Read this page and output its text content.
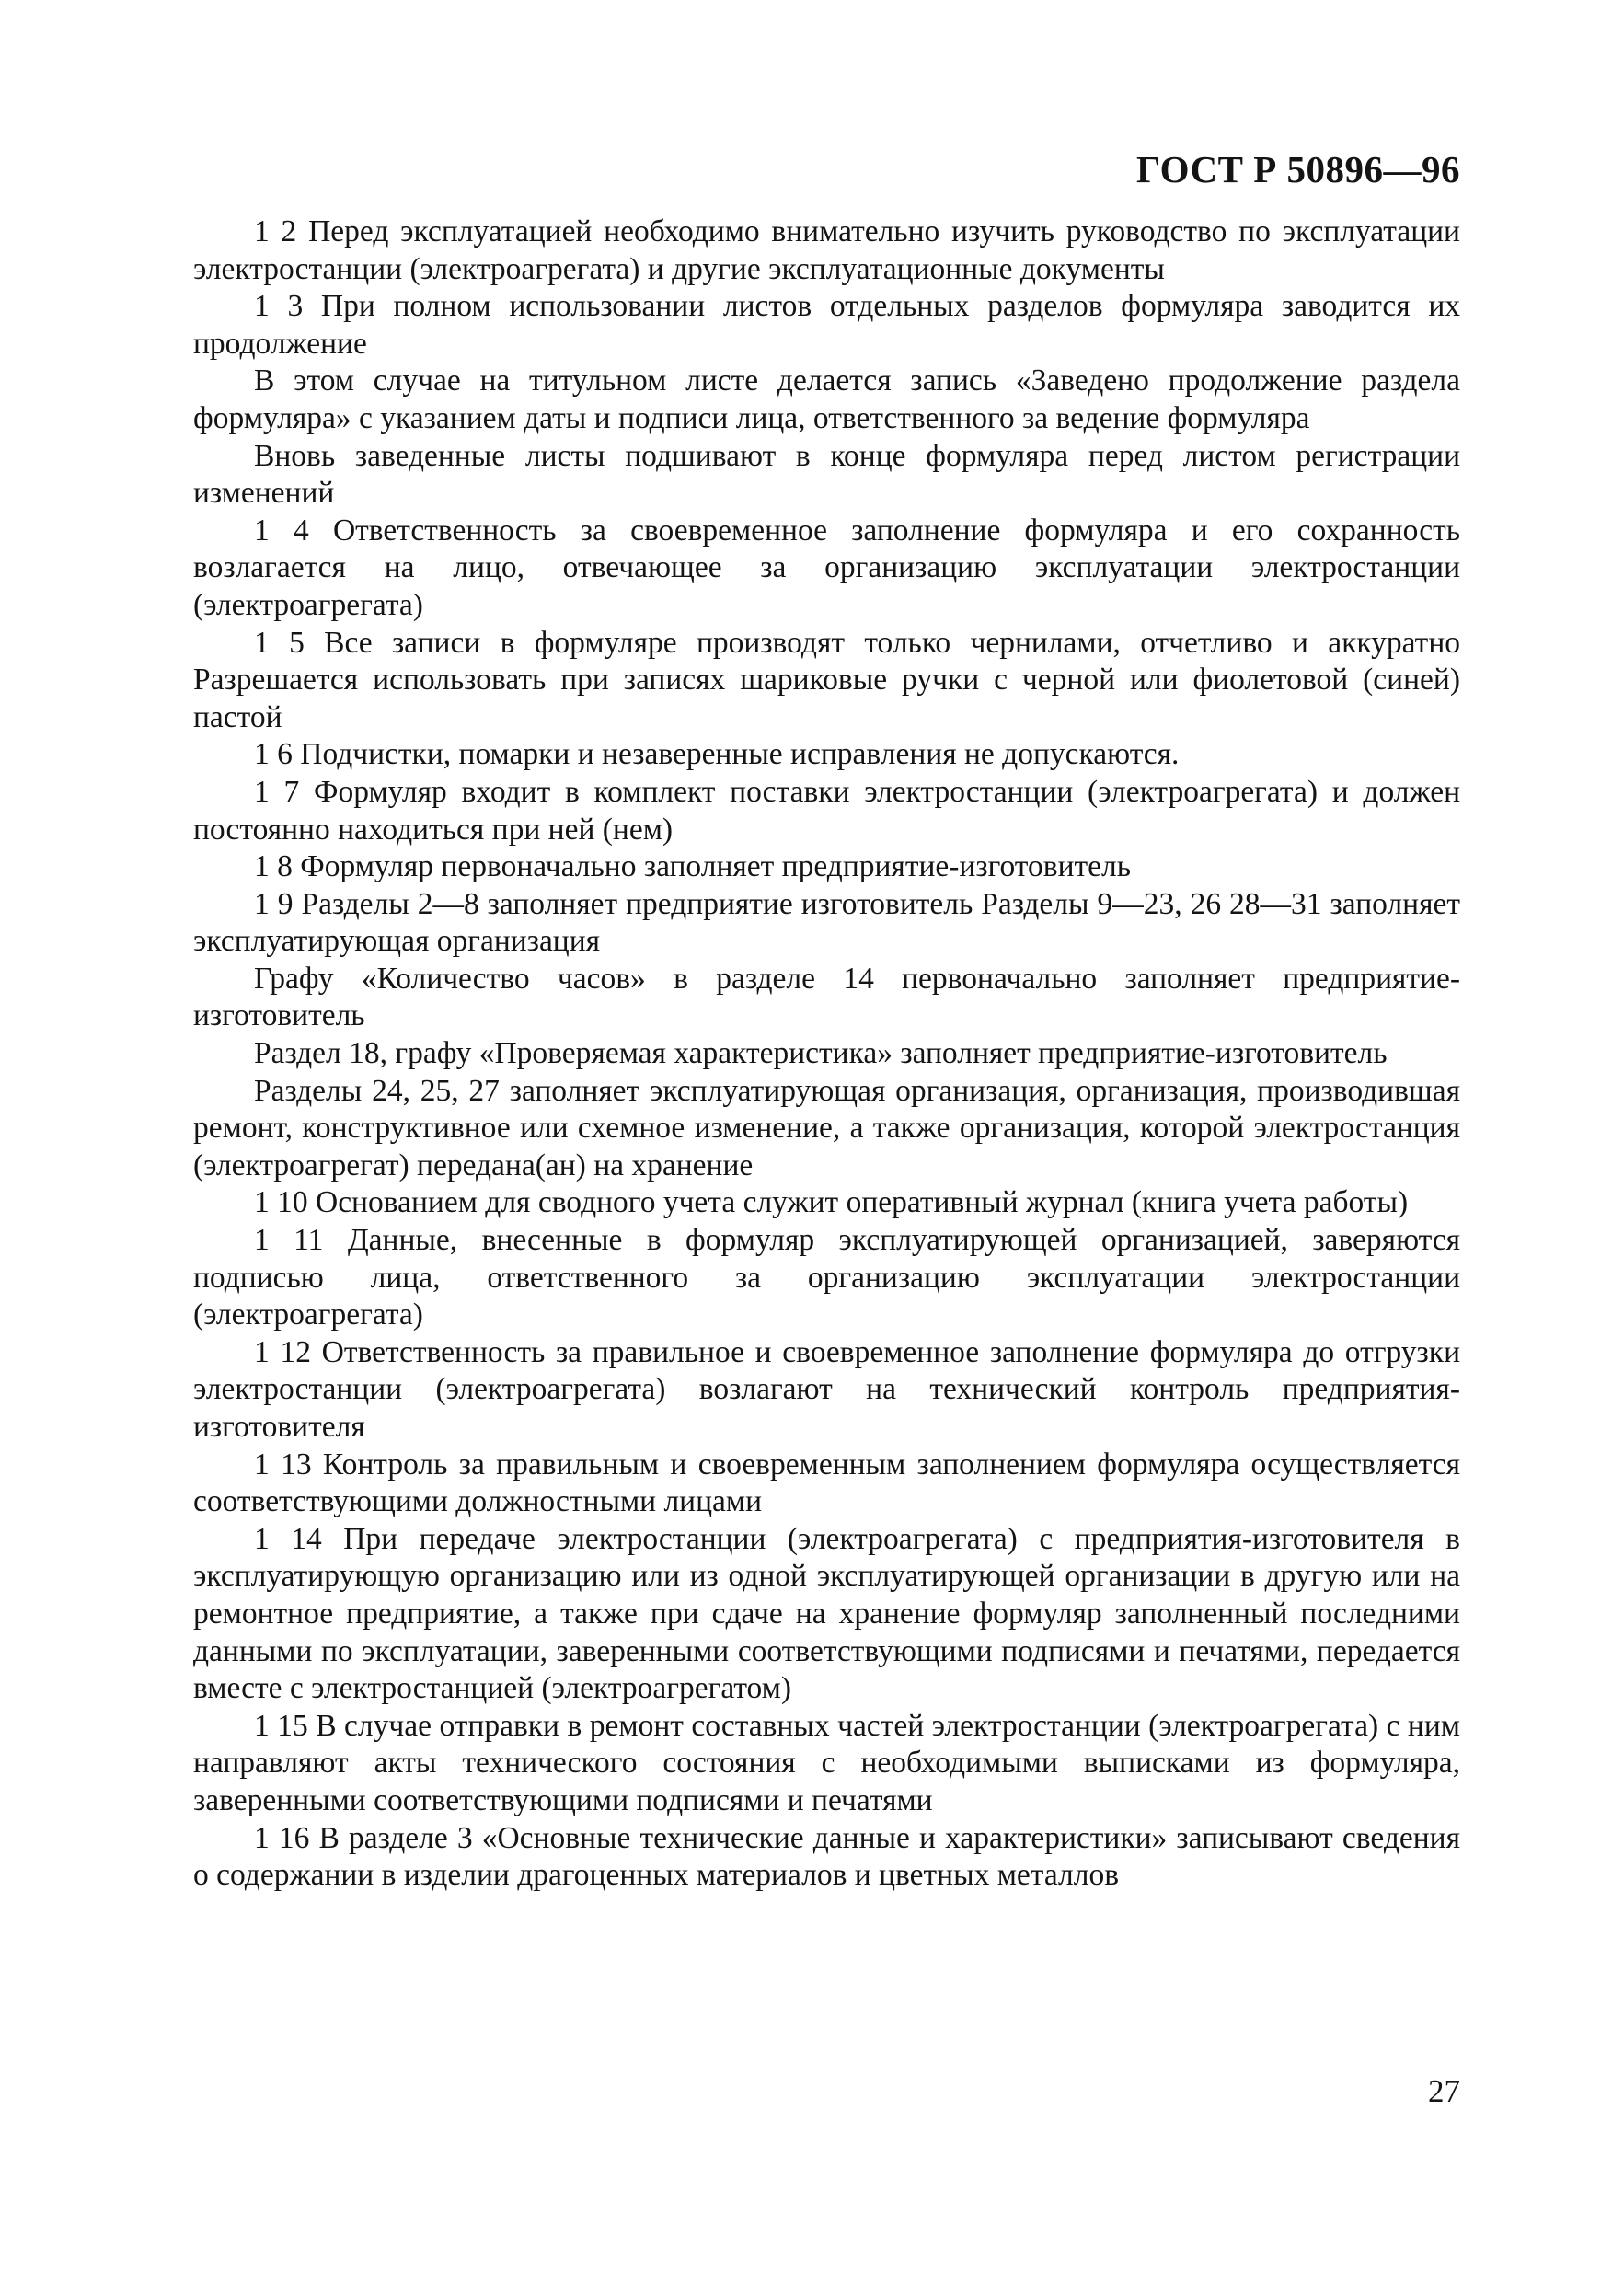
ГОСТ Р 50896—96

1 2 Перед эксплуатацией необходимо внимательно изучить руководство по эксплуатации электростанции (электроагрегата) и другие эксплуатационные документы

1 3 При полном использовании листов отдельных разделов формуляра заводится их продолжение

В этом случае на титульном листе делается запись «Заведено продолжение раздела формуляра» с указанием даты и подписи лица, ответственного за ведение формуляра

Вновь заведенные листы подшивают в конце формуляра перед листом регистрации изменений

1 4 Ответственность за своевременное заполнение формуляра и его сохранность возлагается на лицо, отвечающее за организацию эксплуатации электростанции (электроагрегата)

1 5 Все записи в формуляре производят только чернилами, отчетливо и аккуратно Разрешается использовать при записях шариковые ручки с черной или фиолетовой (синей) пастой

1 6 Подчистки, помарки и незаверенные исправления не допускаются.

1 7 Формуляр входит в комплект поставки электростанции (электроагрегата) и должен постоянно находиться при ней (нем)

1 8 Формуляр первоначально заполняет предприятие-изготовитель

1 9 Разделы 2—8 заполняет предприятие изготовитель Разделы 9—23, 26 28—31 заполняет эксплуатирующая организация

Графу «Количество часов» в разделе 14 первоначально заполняет предприятие-изготовитель

Раздел 18, графу «Проверяемая характеристика» заполняет предприятие-изготовитель

Разделы 24, 25, 27 заполняет эксплуатирующая организация, организация, производившая ремонт, конструктивное или схемное изменение, а также организация, которой электростанция (электроагрегат) передана(ан) на хранение

1 10 Основанием для сводного учета служит оперативный журнал (книга учета работы)

1 11 Данные, внесенные в формуляр эксплуатирующей организацией, заверяются подписью лица, ответственного за организацию эксплуатации электростанции (электроагрегата)

1 12 Ответственность за правильное и своевременное заполнение формуляра до отгрузки электростанции (электроагрегата) возлагают на технический контроль предприятия-изготовителя

1 13 Контроль за правильным и своевременным заполнением формуляра осуществляется соответствующими должностными лицами

1 14 При передаче электростанции (электроагрегата) с предприятия-изготовителя в эксплуатирующую организацию или из одной эксплуатирующей организации в другую или на ремонтное предприятие, а также при сдаче на хранение формуляр заполненный последними данными по эксплуатации, заверенными соответствующими подписями и печатями, передается вместе с электростанцией (электроагрегатом)

1 15 В случае отправки в ремонт составных частей электростанции (электроагрегата) с ним направляют акты технического состояния с необходимыми выписками из формуляра, заверенными соответствующими подписями и печатями

1 16 В разделе 3 «Основные технические данные и характеристики» записывают сведения о содержании в изделии драгоценных материалов и цветных металлов

27
